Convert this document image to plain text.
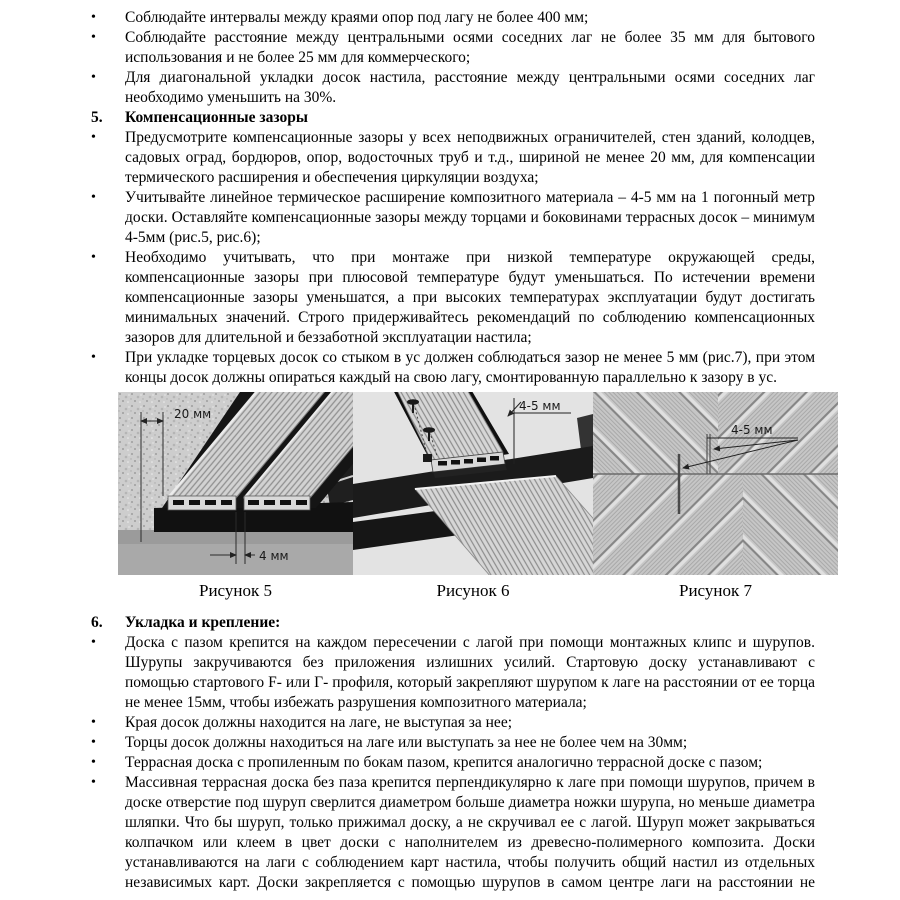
•	Соблюдайте интервалы между краями опор под лагу не более 400 мм;

•	Соблюдайте расстояние между центральными осями соседних лаг не более 35 мм для бытового использования и не более 25 мм для коммерческого;

•	Для диагональной укладки досок настила, расстояние между центральными осями соседних лаг необходимо уменьшить на 30%.

5.	Компенсационные зазоры

•	Предусмотрите компенсационные зазоры у всех неподвижных ограничителей, стен зданий, колодцев, садовых оград, бордюров, опор, водосточных труб и т.д., шириной не менее 20 мм, для компенсации термического расширения и обеспечения циркуляции воздуха;

•	Учитывайте линейное термическое расширение композитного материала – 4-5 мм на 1 погонный метр доски. Оставляйте компенсационные зазоры между торцами и боковинами террасных досок – минимум 4-5мм (рис.5, рис.6);

•	Необходимо учитывать, что при монтаже при низкой температуре окружающей среды, компенсационные зазоры при плюсовой температуре будут уменьшаться. По истечении времени компенсационные зазоры уменьшатся, а при высоких температурах эксплуатации будут достигать минимальных значений. Строго придерживайтесь рекомендаций по соблюдению компенсационных зазоров для длительной и беззаботной эксплуатации настила;

•	При укладке торцевых досок со стыком в ус должен соблюдаться зазор не менее 5 мм (рис.7), при этом концы досок должны опираться каждый на свою лагу, смонтированную параллельно к зазору в ус.

20 мм
4 мм
Рисунок 5
4-5 мм
Рисунок 6
4-5 мм
Рисунок 7
6.	Укладка и крепление:

•	Доска с пазом крепится на каждом пересечении с лагой при помощи монтажных клипс и шурупов. Шурупы закручиваются без приложения излишних усилий. Стартовую доску устанавливают с помощью стартового F- или Г- профиля, который закрепляют шурупом к лаге на расстоянии от ее торца не менее 15мм, чтобы избежать разрушения композитного материала;

•	Края досок должны находится на лаге, не выступая за нее;

•	Торцы досок должны находиться на лаге или выступать за нее не более чем на 30мм;

•	Террасная доска с пропиленным по бокам пазом, крепится аналогично террасной доске с пазом;

•	Массивная террасная доска без паза крепится перпендикулярно к лаге при помощи шурупов, причем в доске отверстие под шуруп сверлится диаметром больше диаметра ножки шурупа, но меньше диаметра шляпки. Что бы шуруп, только прижимал доску, а не скручивал ее с лагой. Шуруп может закрываться колпачком или клеем в цвет доски с наполнителем из древесно-полимерного композита. Доски устанавливаются на лаги с соблюдением карт настила, чтобы получить общий настил из отдельных независимых карт. Доски закрепляется с помощью шурупов в самом центре лаги на расстоянии не
